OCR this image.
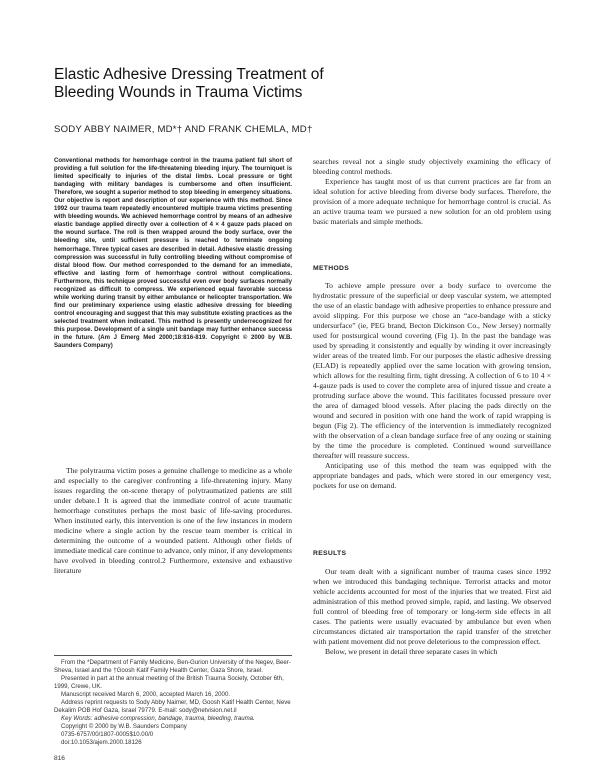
Elastic Adhesive Dressing Treatment of
Bleeding Wounds in Trauma Victims
SODY ABBY NAIMER, MD*† AND FRANK CHEMLA, MD†
Conventional methods for hemorrhage control in the trauma patient fall short of providing a full solution for the life-threatening bleeding injury. The tourniquet is limited specifically to injuries of the distal limbs. Local pressure or tight bandaging with military bandages is cumbersome and often insufficient. Therefore, we sought a superior method to stop bleeding in emergency situations. Our objective is report and description of our experience with this method. Since 1992 our trauma team repeatedly encountered multiple trauma victims presenting with bleeding wounds. We achieved hemorrhage control by means of an adhesive elastic bandage applied directly over a collection of 4 × 4 gauze pads placed on the wound surface. The roll is then wrapped around the body surface, over the bleeding site, until sufficient pressure is reached to terminate ongoing hemorrhage. Three typical cases are described in detail. Adhesive elastic dressing compression was successful in fully controlling bleeding without compromise of distal blood flow. Our method corresponded to the demand for an immediate, effective and lasting form of hemorrhage control without complications. Furthermore, this technique proved successful even over body surfaces normally recognized as difficult to compress. We experienced equal favorable success while working during transit by either ambulance or helicopter transportation. We find our preliminary experience using elastic adhesive dressing for bleeding control encouraging and suggest that this may substitute existing practices as the selected treatment when indicated. This method is presently underrecognized for this purpose. Development of a single unit bandage may further enhance success in the future. (Am J Emerg Med 2000;18:816-819. Copyright © 2000 by W.B. Saunders Company)

The polytrauma victim poses a genuine challenge to medicine as a whole and especially to the caregiver confronting a life-threatening injury. Many issues regarding the on-scene therapy of polytraumatized patients are still under debate.1 It is agreed that the immediate control of acute traumatic hemorrhage constitutes perhaps the most basic of life-saving procedures. When instituted early, this intervention is one of the few instances in modern medicine where a single action by the rescue team member is critical in determining the outcome of a wounded patient. Although other fields of immediate medical care continue to advance, only minor, if any developments have evolved in bleeding control.2 Furthermore, extensive and exhaustive literature

From the *Department of Family Medicine, Ben-Gurion University of the Negev, Beer-Sheva, Israel and the †Goosh Katif Family Health Center, Gaza Shore, Israel.
Presented in part at the annual meeting of the British Trauma Society, October 6th, 1999, Crewe, UK.
Manuscript received March 6, 2000, accepted March 16, 2000.
Address reprint requests to Sody Abby Naimer, MD, Goosh Katif Health Center, Neve Dekalim POB Hof Gaza, Israel 79779. E-mail: sody@netvision.net.il
Key Words: adhesive compression, bandage, trauma, bleeding, trauma.
Copyright © 2000 by W.B. Saunders Company
0735-6757/00/1807-0005$10.00/0
doi:10.1053/ajem.2000.18126
816

searches reveal not a single study objectively examining the efficacy of bleeding control methods.

Experience has taught most of us that current practices are far from an ideal solution for active bleeding from diverse body surfaces. Therefore, the provision of a more adequate technique for hemorrhage control is crucial. As an active trauma team we pursued a new solution for an old problem using basic materials and simple methods.

METHODS

To achieve ample pressure over a body surface to overcome the hydrostatic pressure of the superficial or deep vascular system, we attempted the use of an elastic bandage with adhesive properties to enhance pressure and avoid slipping. For this purpose we chose an “ace-bandage with a sticky undersurface” (ie, PEG brand, Becton Dickinson Co., New Jersey) normally used for postsurgical wound covering (Fig 1). In the past the bandage was used by spreading it consistently and equally by winding it over increasingly wider areas of the treated limb. For our purposes the elastic adhesive dressing (ELAD) is repeatedly applied over the same location with growing tension, which allows for the resulting firm, tight dressing. A collection of 6 to 10 4 × 4-gauze pads is used to cover the complete area of injured tissue and create a protruding surface above the wound. This facilitates focussed pressure over the area of damaged blood vessels. After placing the pads directly on the wound and secured in position with one hand the work of rapid wrapping is begun (Fig 2). The efficiency of the intervention is immediately recognized with the observation of a clean bandage surface free of any oozing or staining by the time the procedure is completed. Continued wound surveillance thereafter will reassure success.

Anticipating use of this method the team was equipped with the appropriate bandages and pads, which were stored in our emergency vest, pockets for use on demand.

RESULTS

Our team dealt with a significant number of trauma cases since 1992 when we introduced this bandaging technique. Terrorist attacks and motor vehicle accidents accounted for most of the injuries that we treated. First aid administration of this method proved simple, rapid, and lasting. We observed full control of bleeding free of temporary or long-term side effects in all cases. The patients were usually evacuated by ambulance but even when circumstances dictated air transportation the rapid transfer of the stretcher with patient movement did not prove deleterious to the compression effect.

Below, we present in detail three separate cases in which
